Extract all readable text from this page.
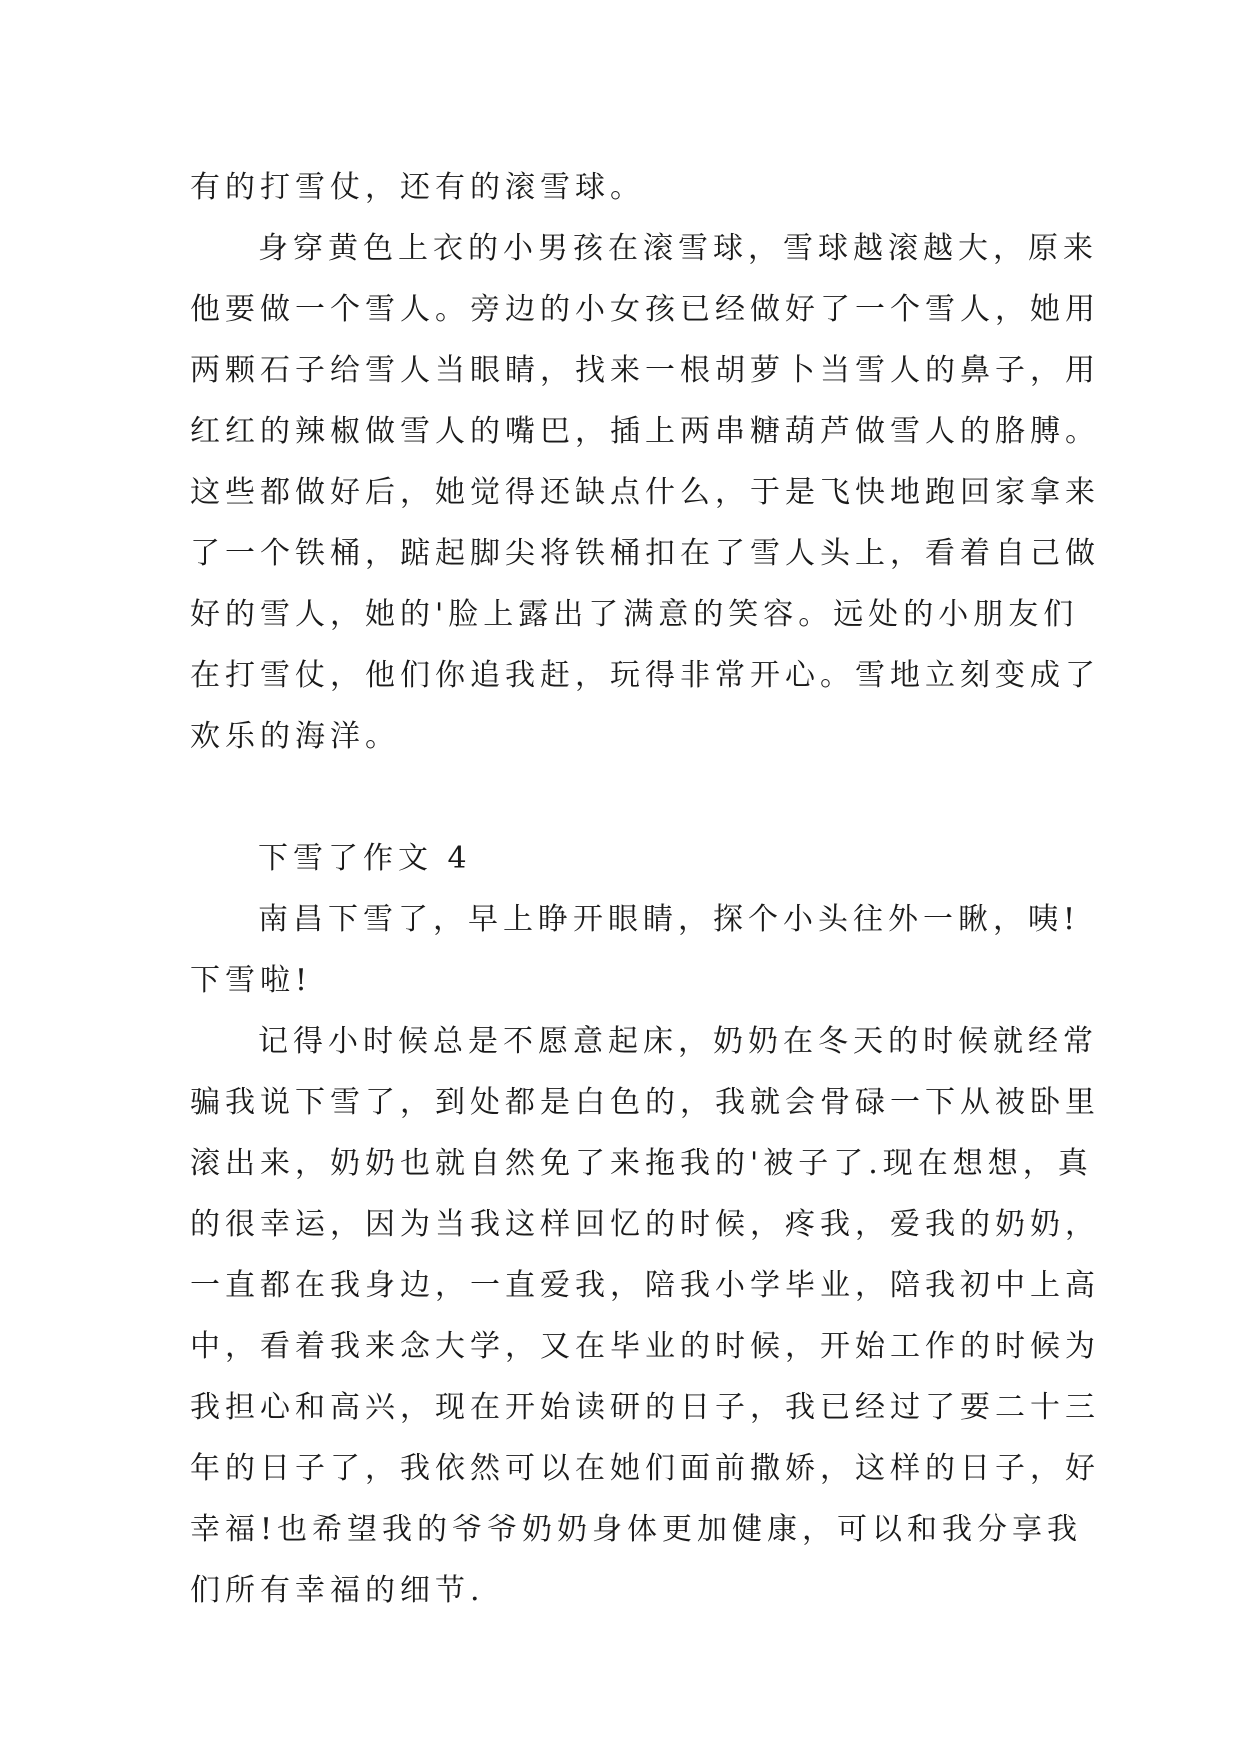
有的打雪仗，还有的滚雪球。
身穿黄色上衣的小男孩在滚雪球，雪球越滚越大，原来
他要做一个雪人。旁边的小女孩已经做好了一个雪人，她用
两颗石子给雪人当眼睛，找来一根胡萝卜当雪人的鼻子，用
红红的辣椒做雪人的嘴巴，插上两串糖葫芦做雪人的胳膊。
这些都做好后，她觉得还缺点什么，于是飞快地跑回家拿来
了一个铁桶，踮起脚尖将铁桶扣在了雪人头上，看着自己做
好的雪人，她的'脸上露出了满意的笑容。远处的小朋友们
在打雪仗，他们你追我赶，玩得非常开心。雪地立刻变成了
欢乐的海洋。
下雪了作文 4
南昌下雪了，早上睁开眼睛，探个小头往外一瞅，咦!
下雪啦!
记得小时候总是不愿意起床，奶奶在冬天的时候就经常
骗我说下雪了，到处都是白色的，我就会骨碌一下从被卧里
滚出来，奶奶也就自然免了来拖我的'被子了.现在想想，真
的很幸运，因为当我这样回忆的时候，疼我，爱我的奶奶，
一直都在我身边，一直爱我，陪我小学毕业，陪我初中上高
中，看着我来念大学，又在毕业的时候，开始工作的时候为
我担心和高兴，现在开始读研的日子，我已经过了要二十三
年的日子了，我依然可以在她们面前撒娇，这样的日子，好
幸福!也希望我的爷爷奶奶身体更加健康，可以和我分享我
们所有幸福的细节.
